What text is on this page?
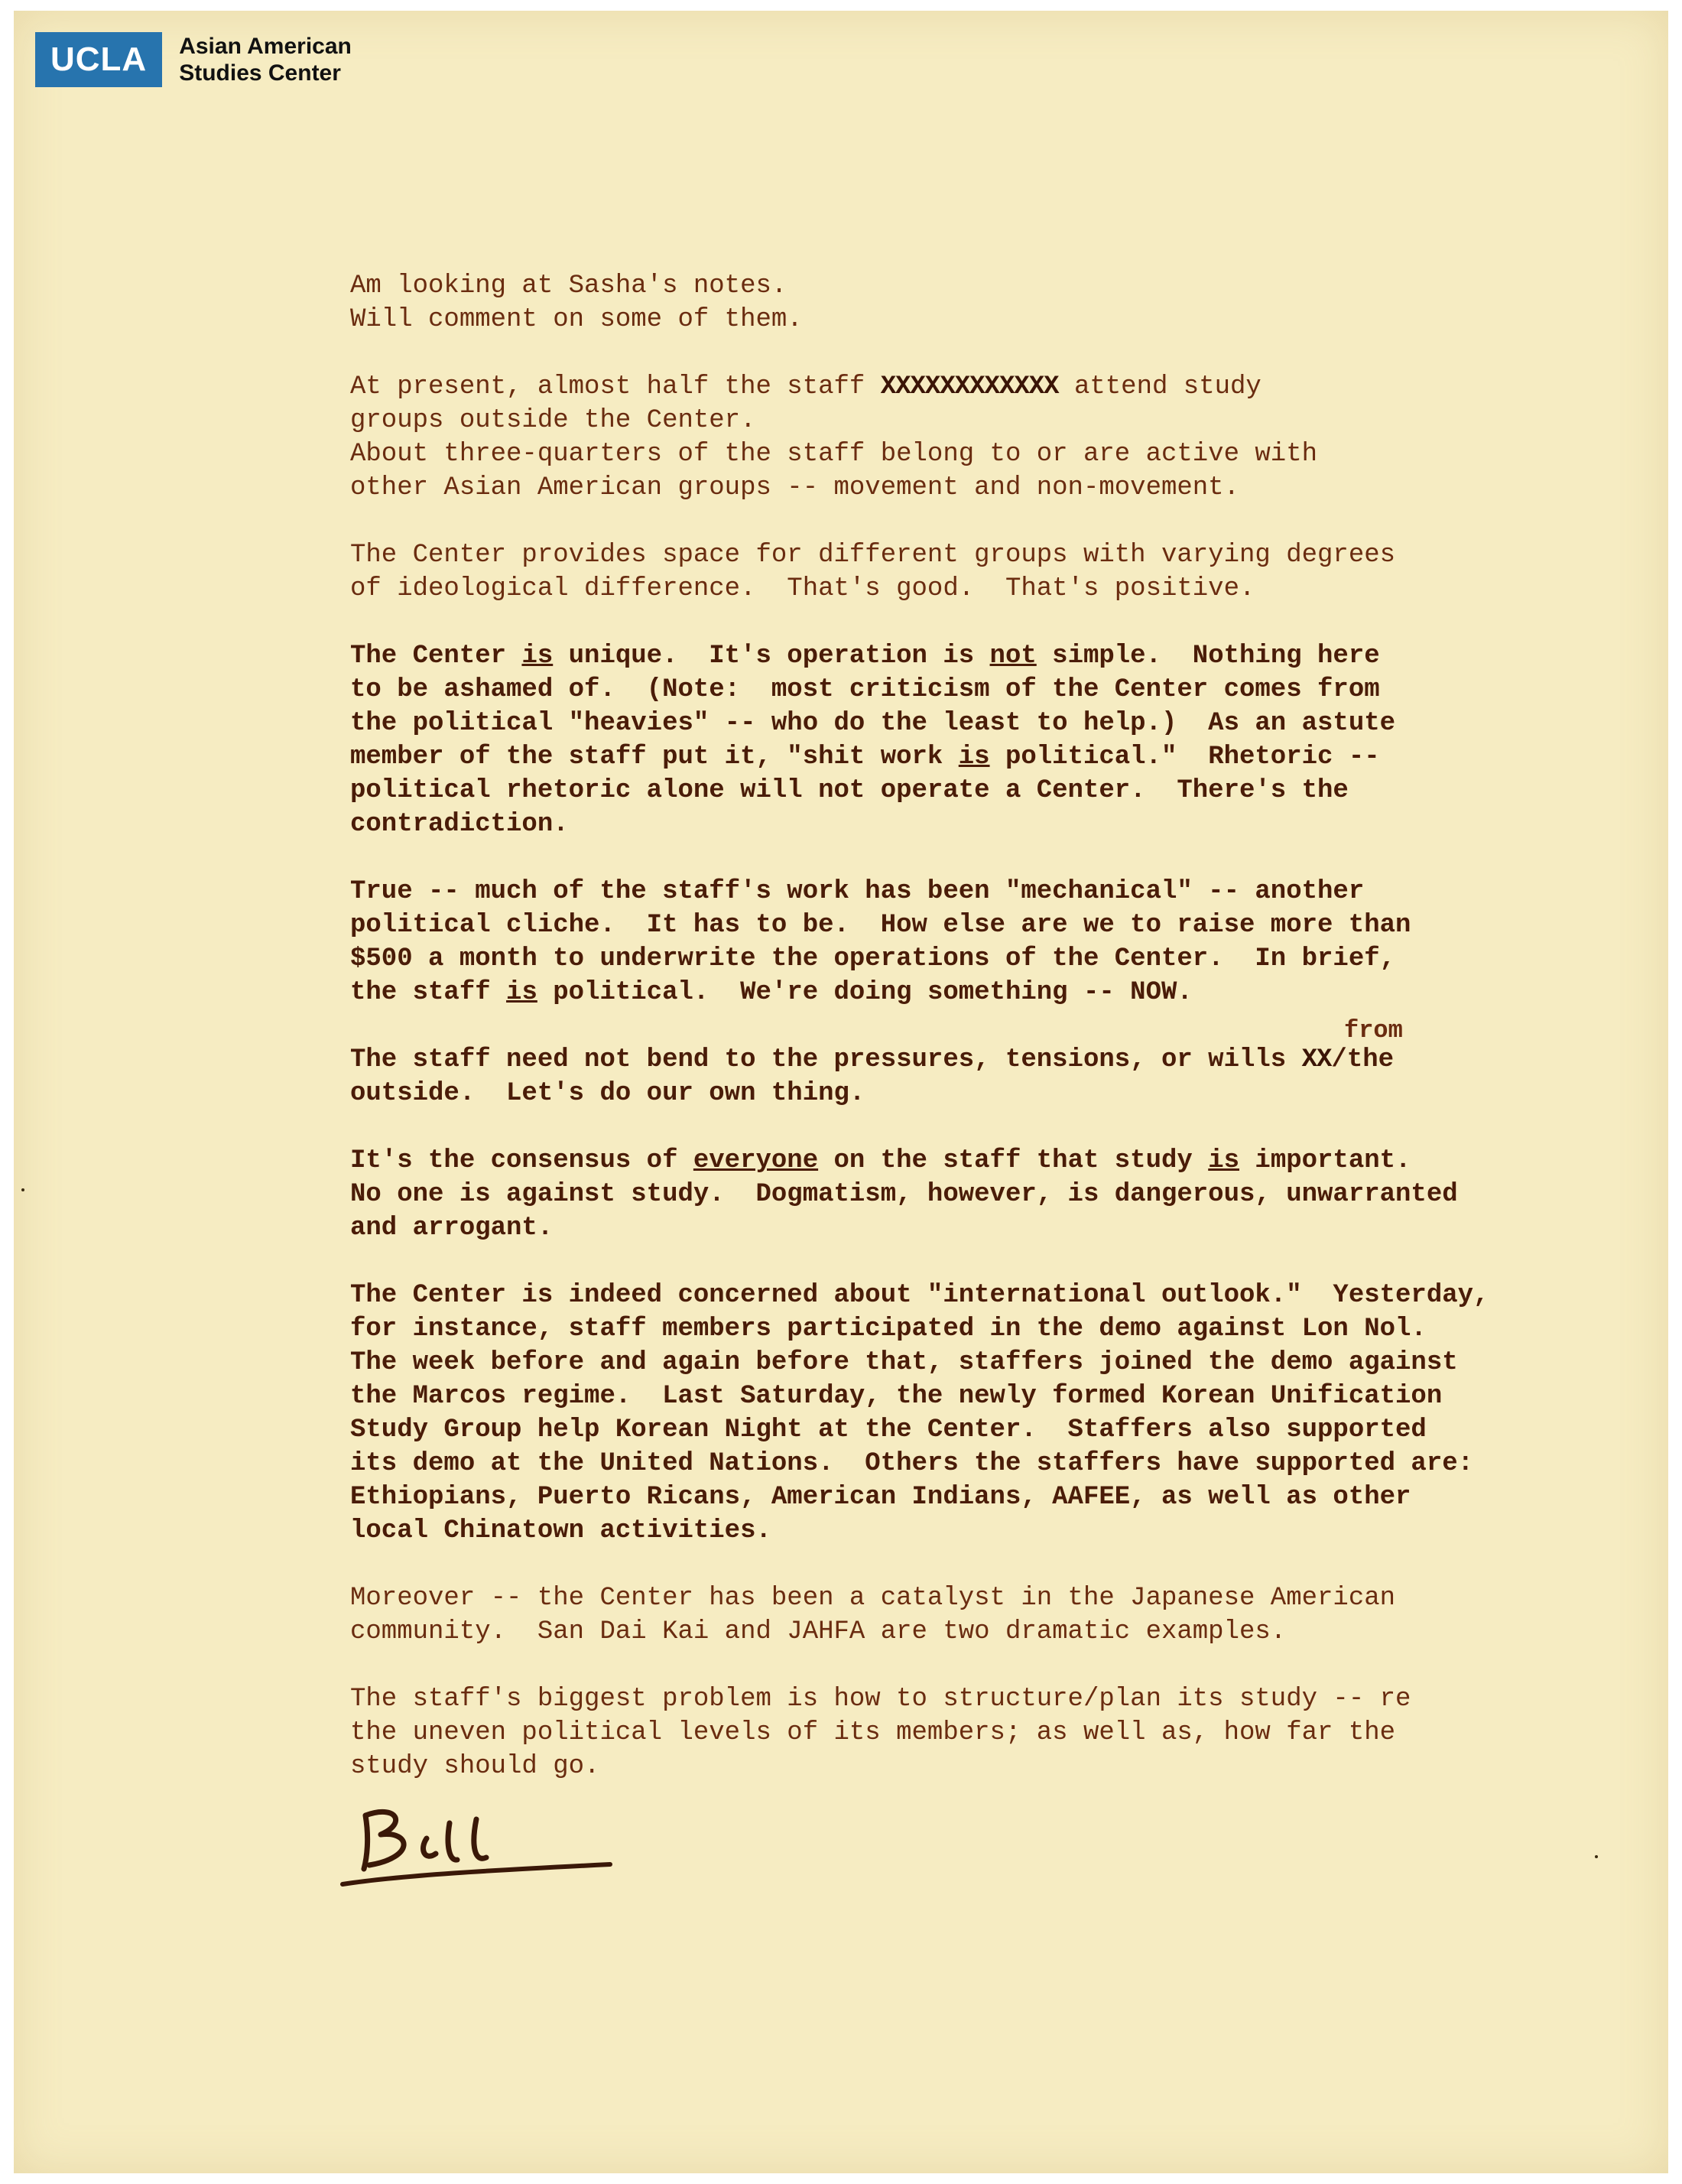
UCLA	Asian American
Studies Center
Am looking at Sasha's notes.
Will comment on some of them.
At present, almost half the staff XXXXXXXXXXXX attend study
groups outside the Center.
About three-quarters of the staff belong to or are active with
other Asian American groups -- movement and non-movement.
The Center provides space for different groups with varying degrees
of ideological difference.  That's good.  That's positive.
The Center is unique.  It's operation is not simple.  Nothing here
to be ashamed of.  (Note:  most criticism of the Center comes from
the political "heavies" -- who do the least to help.)  As an astute
member of the staff put it, "shit work is political."  Rhetoric --
political rhetoric alone will not operate a Center.  There's the
contradiction.
True -- much of the staff's work has been "mechanical" -- another
political cliche.  It has to be.  How else are we to raise more than
$500 a month to underwrite the operations of the Center.  In brief,
the staff is political.  We're doing something -- NOW.
from
The staff need not bend to the pressures, tensions, or wills XX/the
outside.  Let's do our own thing.
It's the consensus of everyone on the staff that study is important.
No one is against study.  Dogmatism, however, is dangerous, unwarranted
and arrogant.
The Center is indeed concerned about "international outlook."  Yesterday,
for instance, staff members participated in the demo against Lon Nol.
The week before and again before that, staffers joined the demo against
the Marcos regime.  Last Saturday, the newly formed Korean Unification
Study Group help Korean Night at the Center.  Staffers also supported
its demo at the United Nations.  Others the staffers have supported are:
Ethiopians, Puerto Ricans, American Indians, AAFEE, as well as other
local Chinatown activities.
Moreover -- the Center has been a catalyst in the Japanese American
community.  San Dai Kai and JAHFA are two dramatic examples.
The staff's biggest problem is how to structure/plan its study -- re
the uneven political levels of its members; as well as, how far the
study should go.
